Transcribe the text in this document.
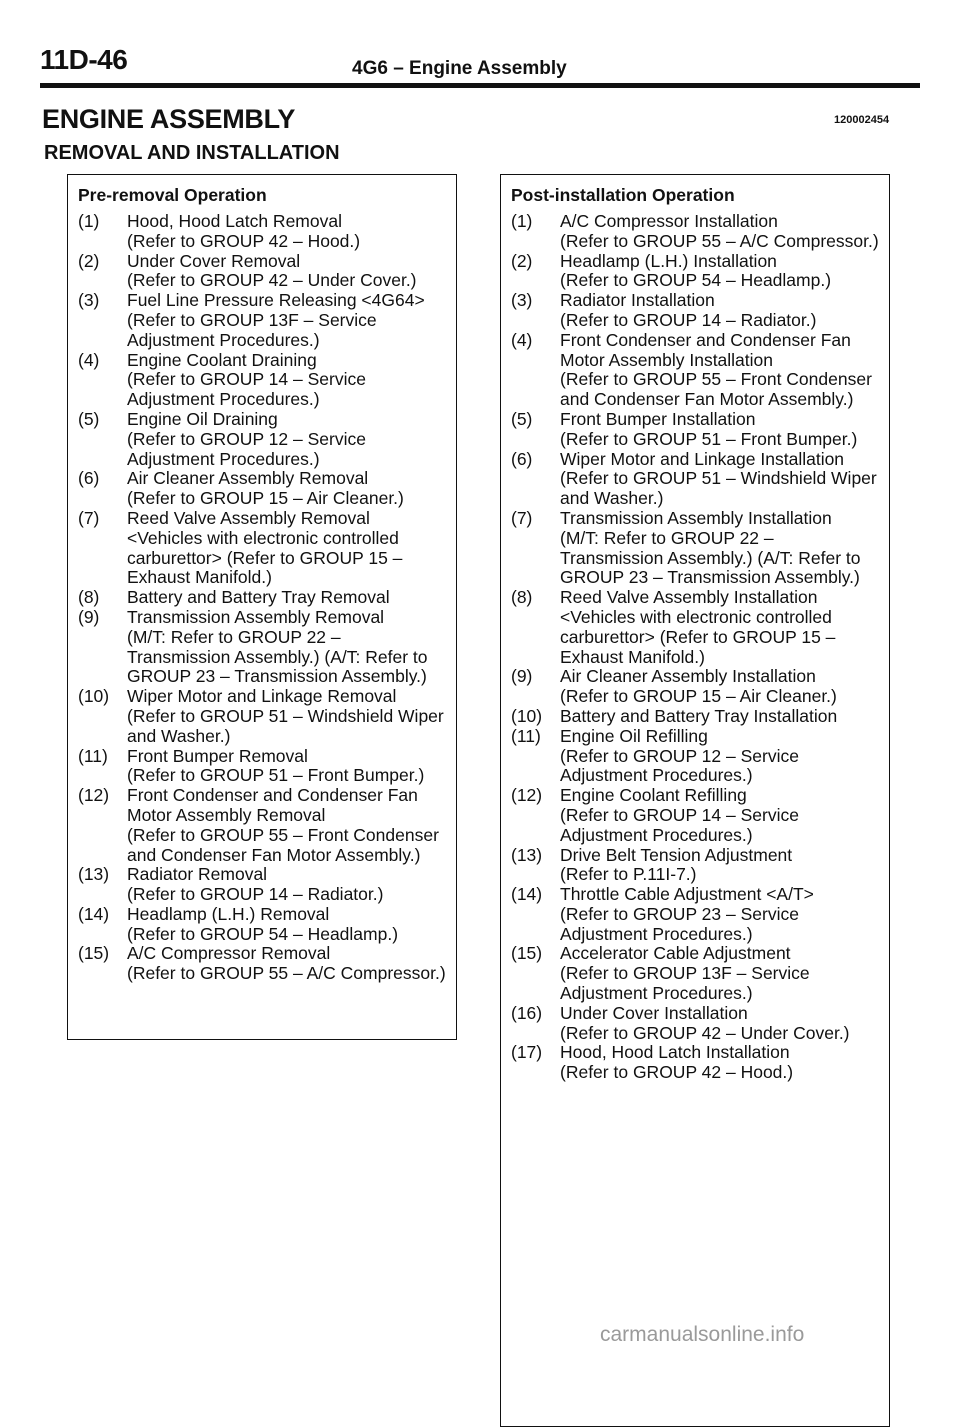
11D-46	4G6 – Engine Assembly
ENGINE ASSEMBLY	120002454
REMOVAL AND INSTALLATION
Pre-removal Operation
(1) Hood, Hood Latch Removal
(Refer to GROUP 42 – Hood.)
(2) Under Cover Removal
(Refer to GROUP 42 – Under Cover.)
(3) Fuel Line Pressure Releasing <4G64>
(Refer to GROUP 13F – Service Adjustment Procedures.)
(4) Engine Coolant Draining
(Refer to GROUP 14 – Service Adjustment Procedures.)
(5) Engine Oil Draining
(Refer to GROUP 12 – Service Adjustment Procedures.)
(6) Air Cleaner Assembly Removal
(Refer to GROUP 15 – Air Cleaner.)
(7) Reed Valve Assembly Removal
<Vehicles with electronic controlled carburettor> (Refer to GROUP 15 – Exhaust Manifold.)
(8) Battery and Battery Tray Removal
(9) Transmission Assembly Removal
(M/T: Refer to GROUP 22 – Transmission Assembly.) (A/T: Refer to GROUP 23 – Transmission Assembly.)
(10) Wiper Motor and Linkage Removal
(Refer to GROUP 51 – Windshield Wiper and Washer.)
(11) Front Bumper Removal
(Refer to GROUP 51 – Front Bumper.)
(12) Front Condenser and Condenser Fan Motor Assembly Removal
(Refer to GROUP 55 – Front Condenser and Condenser Fan Motor Assembly.)
(13) Radiator Removal
(Refer to GROUP 14 – Radiator.)
(14) Headlamp (L.H.) Removal
(Refer to GROUP 54 – Headlamp.)
(15) A/C Compressor Removal
(Refer to GROUP 55 – A/C Compressor.)
Post-installation Operation
(1) A/C Compressor Installation
(Refer to GROUP 55 – A/C Compressor.)
(2) Headlamp (L.H.) Installation
(Refer to GROUP 54 – Headlamp.)
(3) Radiator Installation
(Refer to GROUP 14 – Radiator.)
(4) Front Condenser and Condenser Fan Motor Assembly Installation
(Refer to GROUP 55 – Front Condenser and Condenser Fan Motor Assembly.)
(5) Front Bumper Installation
(Refer to GROUP 51 – Front Bumper.)
(6) Wiper Motor and Linkage Installation
(Refer to GROUP 51 – Windshield Wiper and Washer.)
(7) Transmission Assembly Installation
(M/T: Refer to GROUP 22 – Transmission Assembly.) (A/T: Refer to GROUP 23 – Transmission Assembly.)
(8) Reed Valve Assembly Installation
<Vehicles with electronic controlled carburettor> (Refer to GROUP 15 – Exhaust Manifold.)
(9) Air Cleaner Assembly Installation
(Refer to GROUP 15 – Air Cleaner.)
(10) Battery and Battery Tray Installation
(11) Engine Oil Refilling
(Refer to GROUP 12 – Service Adjustment Procedures.)
(12) Engine Coolant Refilling
(Refer to GROUP 14 – Service Adjustment Procedures.)
(13) Drive Belt Tension Adjustment
(Refer to P.11I-7.)
(14) Throttle Cable Adjustment <A/T>
(Refer to GROUP 23 – Service Adjustment Procedures.)
(15) Accelerator Cable Adjustment
(Refer to GROUP 13F – Service Adjustment Procedures.)
(16) Under Cover Installation
(Refer to GROUP 42 – Under Cover.)
(17) Hood, Hood Latch Installation
(Refer to GROUP 42 – Hood.)
carmanualsonline.info
